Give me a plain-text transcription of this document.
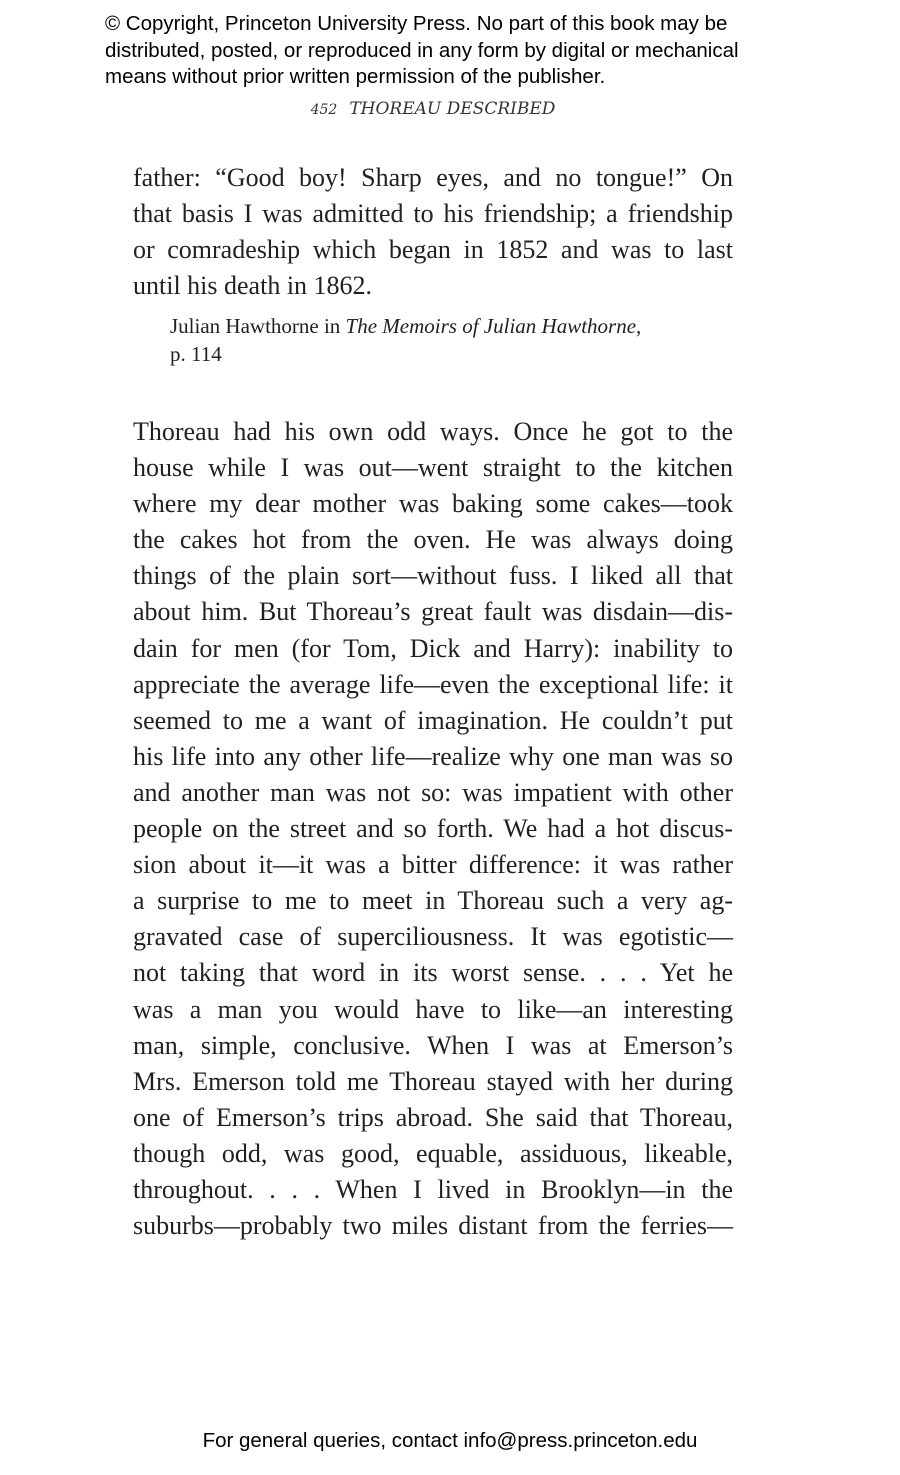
© Copyright, Princeton University Press. No part of this book may be
distributed, posted, or reproduced in any form by digital or mechanical
means without prior written permission of the publisher.
452 THOREAU DESCRIBED
father: “Good boy! Sharp eyes, and no tongue!” On
that basis I was admitted to his friendship; a friendship
or comradeship which began in 1852 and was to last
until his death in 1862.
Julian Hawthorne in The Memoirs of Julian Hawthorne,
p. 114
Thoreau had his own odd ways. Once he got to the
house while I was out—went straight to the kitchen
where my dear mother was baking some cakes—took
the cakes hot from the oven. He was always doing
things of the plain sort—without fuss. I liked all that
about him. But Thoreau’s great fault was disdain—dis-
dain for men (for Tom, Dick and Harry): inability to
appreciate the average life—even the exceptional life: it
seemed to me a want of imagination. He couldn’t put
his life into any other life—realize why one man was so
and another man was not so: was impatient with other
people on the street and so forth. We had a hot discus-
sion about it—it was a bitter difference: it was rather
a surprise to me to meet in Thoreau such a very ag-
gravated case of superciliousness. It was egotistic—
not taking that word in its worst sense. . . . Yet he
was a man you would have to like—an interesting
man, simple, conclusive. When I was at Emerson’s
Mrs. Emerson told me Thoreau stayed with her during
one of Emerson’s trips abroad. She said that Thoreau,
though odd, was good, equable, assiduous, likeable,
throughout. . . . When I lived in Brooklyn—in the
suburbs—probably two miles distant from the ferries—
For general queries, contact info@press.princeton.edu
